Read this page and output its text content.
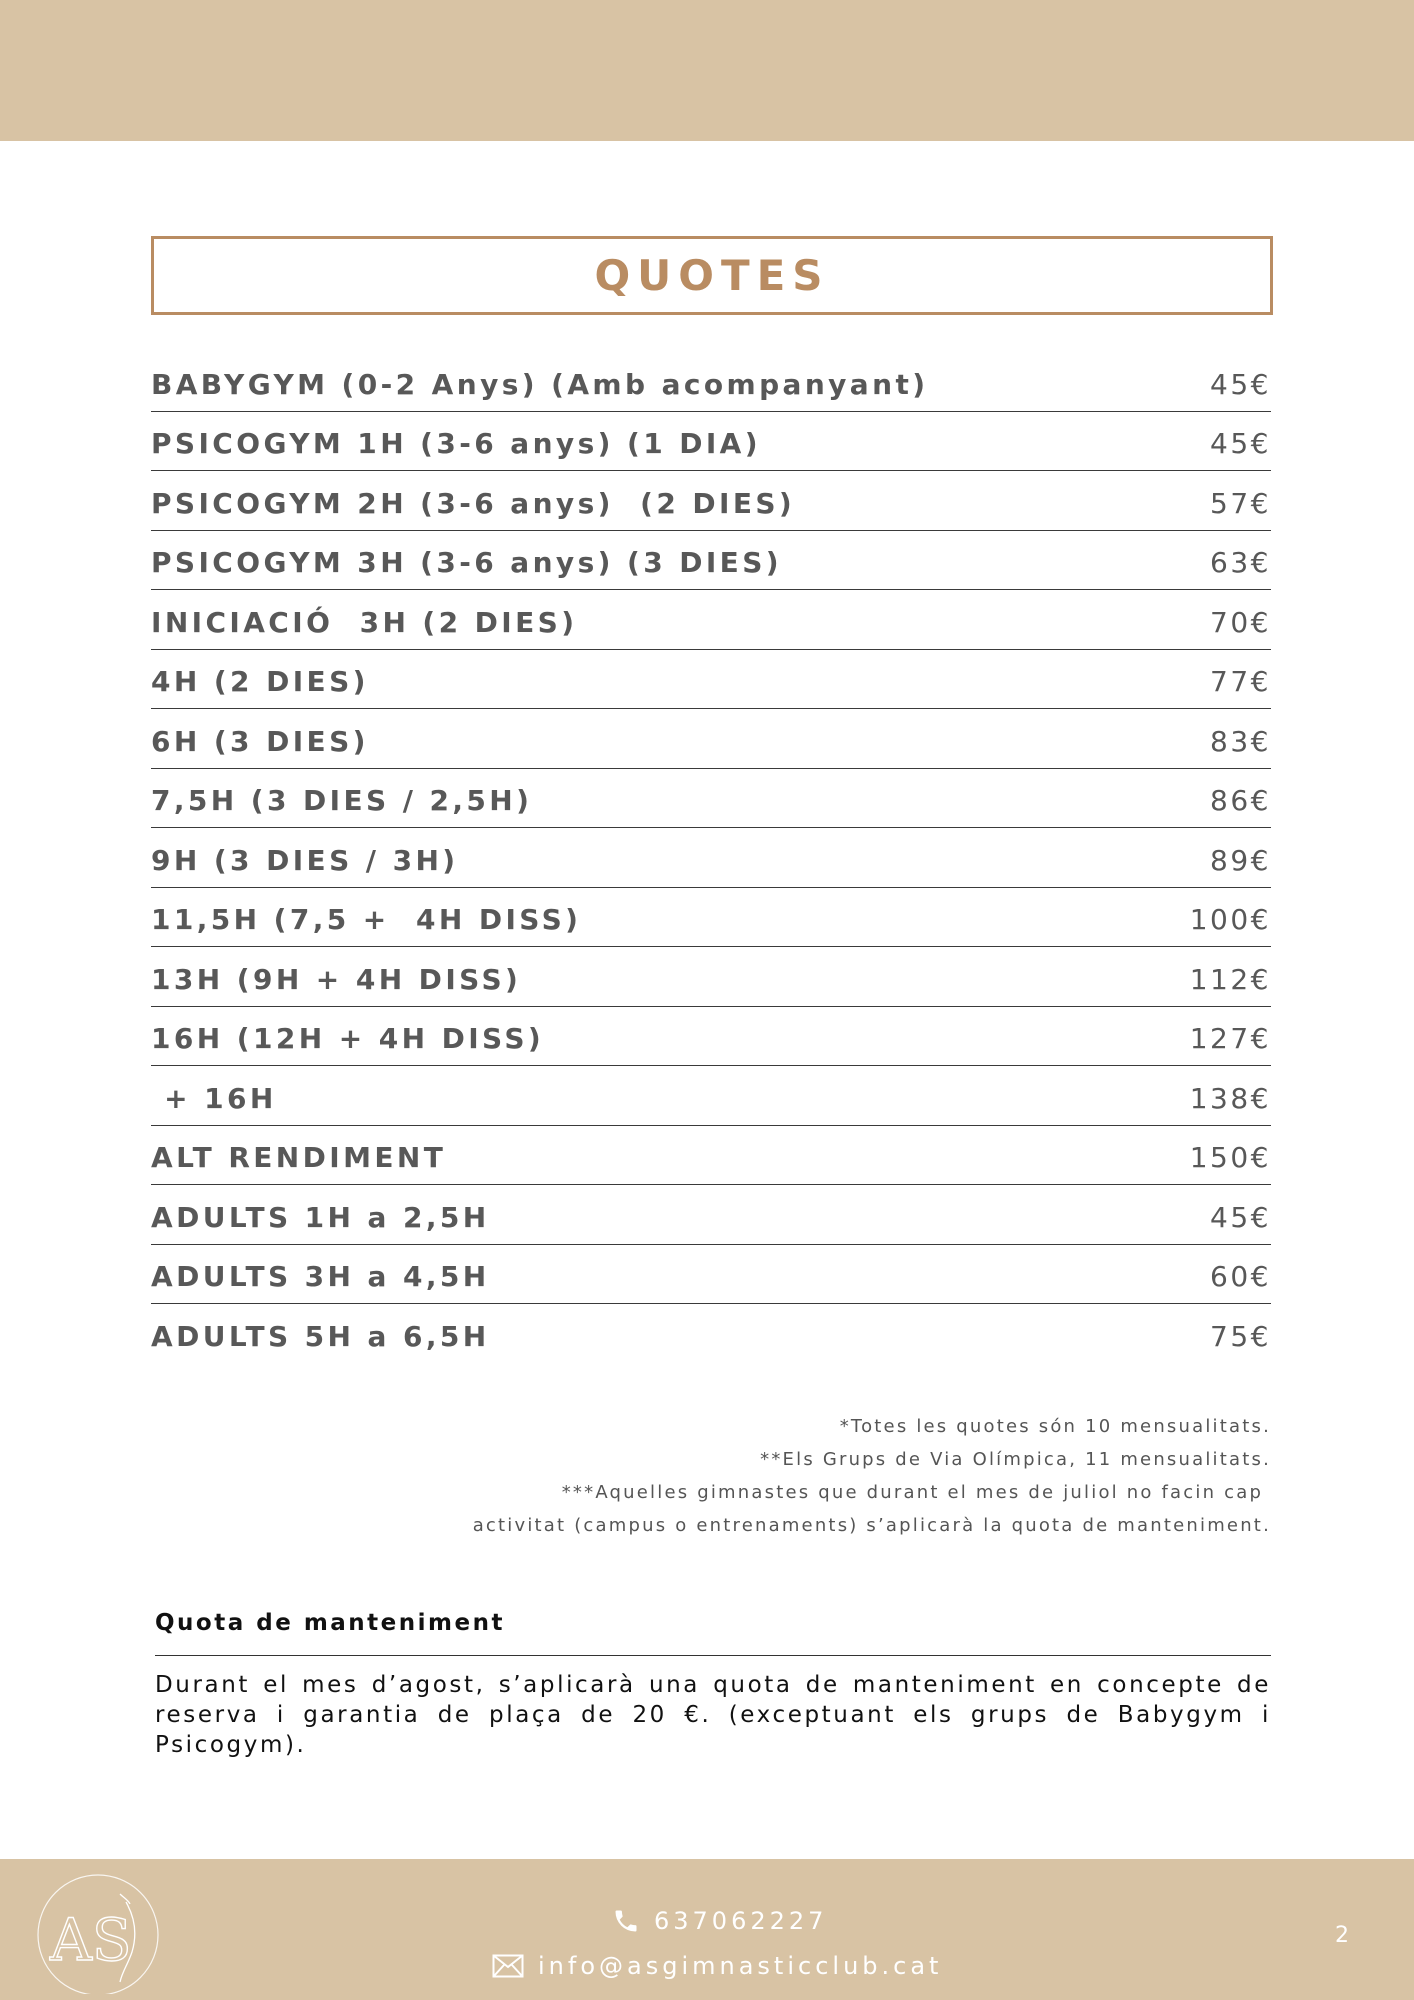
QUOTES
BABYGYM (0-2 Anys) (Amb acompanyant)	45€
PSICOGYM 1H (3-6 anys) (1 DIA)	45€
PSICOGYM 2H (3-6 anys)  (2 DIES)	57€
PSICOGYM 3H (3-6 anys) (3 DIES)	63€
INICIACIÓ  3H (2 DIES)	70€
4H (2 DIES)	77€
6H (3 DIES)	83€
7,5H (3 DIES / 2,5H)	86€
9H (3 DIES / 3H)	89€
11,5H (7,5 +  4H DISS)	100€
13H (9H + 4H DISS)	112€
16H (12H + 4H DISS)	127€
+ 16H	138€
ALT RENDIMENT	150€
ADULTS 1H a 2,5H	45€
ADULTS 3H a 4,5H	60€
ADULTS 5H a 6,5H	75€
*Totes les quotes són 10 mensualitats.
**Els Grups de Via Olímpica, 11 mensualitats.
***Aquelles gimnastes que durant el mes de juliol no facin cap
activitat (campus o entrenaments) s’aplicarà la quota de manteniment.
Quota de manteniment
Durant el mes d’agost, s’aplicarà una quota de manteniment en concepte de reserva i garantia de plaça de 20 €. (exceptuant els grups de Babygym i Psicogym).
AS	637062227
info@asgimnasticclub.cat
2
